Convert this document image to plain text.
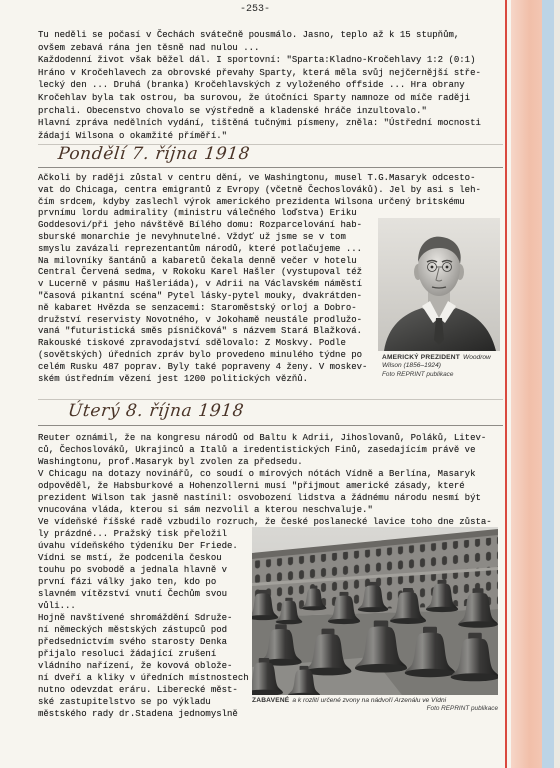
-253-
Tu neděli se počasí v Čechách svátečně pousmálo. Jasno, teplo až k 15 stupňům,
ovšem zebavá rána jen těsně nad nulou ...
Každodenní život však běžel dál. I sportovní: "Sparta:Kladno-Kročehlavy 1:2 (0:1)
Hráno v Kročehlavech za obrovské převahy Sparty, která měla svůj nejčernější stře-
lecký den ... Druhá (branka) Kročehlavských z vyloženého offside ... Hra obrany
Kročehlav byla tak ostrou, ba surovou, že útočníci Sparty namnoze od míče raději
prchali. Obecenstvo chovalo se výstředně a kladenské hráče inzultovalo."
Hlavní zpráva nedělních vydání, tištěná tučnými písmeny, zněla: "Ústřední mocnosti
žádají Wilsona o okamžité příměří."
Pondělí 7. října 1918
Ačkoli by raději zůstal v centru dění, ve Washingtonu, musel T.G.Masaryk odcesto-
vat do Chicaga, centra emigrantů z Evropy (včetně Čechoslováků). Jel by asi s leh-
čím srdcem, kdyby zaslechl výrok amerického prezidenta Wilsona určený britskému
prvnímu lordu admirality (ministru válečného loďstva) Eriku
Goddesovi/při jeho návštěvě Bílého domu: Rozparcelování hab-
sburské monarchie je nevyhnutelné. Vždyť už jsme se v tom
smyslu zavázali reprezentantům národů, které potlačujeme ...
Na milovníky šantánů a kabaretů čekala denně večer v hotelu
Central Červená sedma, v Rokoku Karel Hašler (vystupoval též
v Lucerně v pásmu Hašleriáda), v Adrii na Václavském náměstí
"časová pikantní scéna" Pytel lásky-pytel mouky, dvakrátden-
ně kabaret Hvězda se senzacemi: Staroměstský orloj a Dobro-
družství reservisty Novotného, v Jokohamě neustále prodlužo-
vaná "futuristická směs písničková" s názvem Stará Blažková.
Rakouské tiskové zpravodajství sdělovalo: Z Moskvy. Podle
(sovětských) úředních zpráv bylo provedeno minulého týdne po
celém Rusku 487 poprav. Byly také popraveny 4 ženy. V moskev-
ském ústředním vězení jest 1200 politických vězňů.
AMERICKÝ PREZIDENT Woodrow Wilson (1856–1924)
Foto REPRINT publikace
Úterý 8. října 1918
Reuter oznámil, že na kongresu národů od Baltu k Adrii, Jihoslovanů, Poláků, Litev-
ců, Čechoslováků, Ukrajinců a Italů a iredentistických Finů, zasedajícím právě ve
Washingtonu, prof.Masaryk byl zvolen za předsedu.
V Chicagu na dotazy novinářů, co soudí o mírových nótách Vídně a Berlína, Masaryk
odpověděl, že Habsburkové a Hohenzollerni musí "přijmout americké zásady, které
prezident Wilson tak jasně nastínil: osvobození lidstva a žádnému národu nesmí být
vnucována vláda, kterou si sám nezvolil a kterou neschvaluje."
Ve vídeňské říšské radě vzbudilo rozruch, že české poslanecké lavice toho dne zůsta-
ly prázdné... Pražský tisk přeložil
úvahu vídeňského týdeníku Der Friede.
Vídni se mstí, že podcenila českou
touhu po svobodě a jednala hlavně v
první fázi války jako ten, kdo po
slavném vítězství vnutí Čechům svou
vůli...
Hojně navštívené shromáždění Sdruže-
ní německých městských zástupců pod
předsednictvím svého starosty Denka
přijalo resoluci žádající zrušení
vládního nařízení, že kovová oblože-
ní dveří a kliky v úředních místnostech
nutno odevzdat eráru. Liberecké měst-
ské zastupitelstvo se po výkladu
městského rady dr.Stadena jednomyslně
ZABAVENÉ a k rozlití určené zvony na nádvoří Arzenálu ve Vídni
Foto REPRINT publikace
